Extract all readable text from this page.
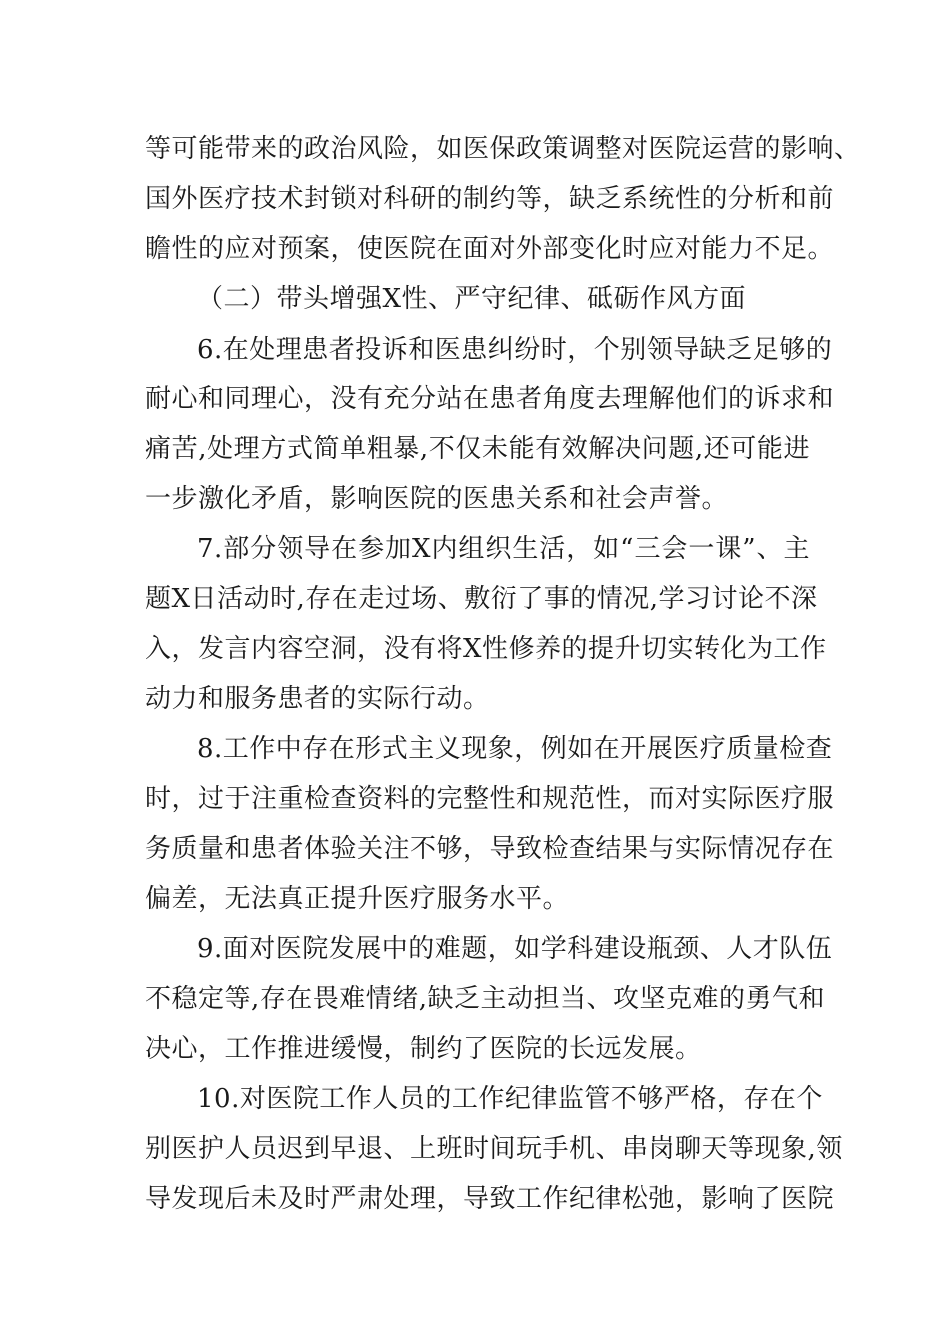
等可能带来的政治风险，如医保政策调整对医院运营的影响、
国外医疗技术封锁对科研的制约等，缺乏系统性的分析和前
瞻性的应对预案，使医院在面对外部变化时应对能力不足。
（二）带头增强X性、严守纪律、砥砺作风方面
6.在处理患者投诉和医患纠纷时，个别领导缺乏足够的
耐心和同理心，没有充分站在患者角度去理解他们的诉求和
痛苦,处理方式简单粗暴,不仅未能有效解决问题,还可能进
一步激化矛盾，影响医院的医患关系和社会声誉。
7.部分领导在参加X内组织生活，如“三会一课”、主
题X日活动时,存在走过场、敷衍了事的情况,学习讨论不深
入，发言内容空洞，没有将X性修养的提升切实转化为工作
动力和服务患者的实际行动。
8.工作中存在形式主义现象，例如在开展医疗质量检查
时，过于注重检查资料的完整性和规范性，而对实际医疗服
务质量和患者体验关注不够，导致检查结果与实际情况存在
偏差，无法真正提升医疗服务水平。
9.面对医院发展中的难题，如学科建设瓶颈、人才队伍
不稳定等,存在畏难情绪,缺乏主动担当、攻坚克难的勇气和
决心，工作推进缓慢，制约了医院的长远发展。
10.对医院工作人员的工作纪律监管不够严格，存在个
别医护人员迟到早退、上班时间玩手机、串岗聊天等现象,领
导发现后未及时严肃处理，导致工作纪律松弛，影响了医院
